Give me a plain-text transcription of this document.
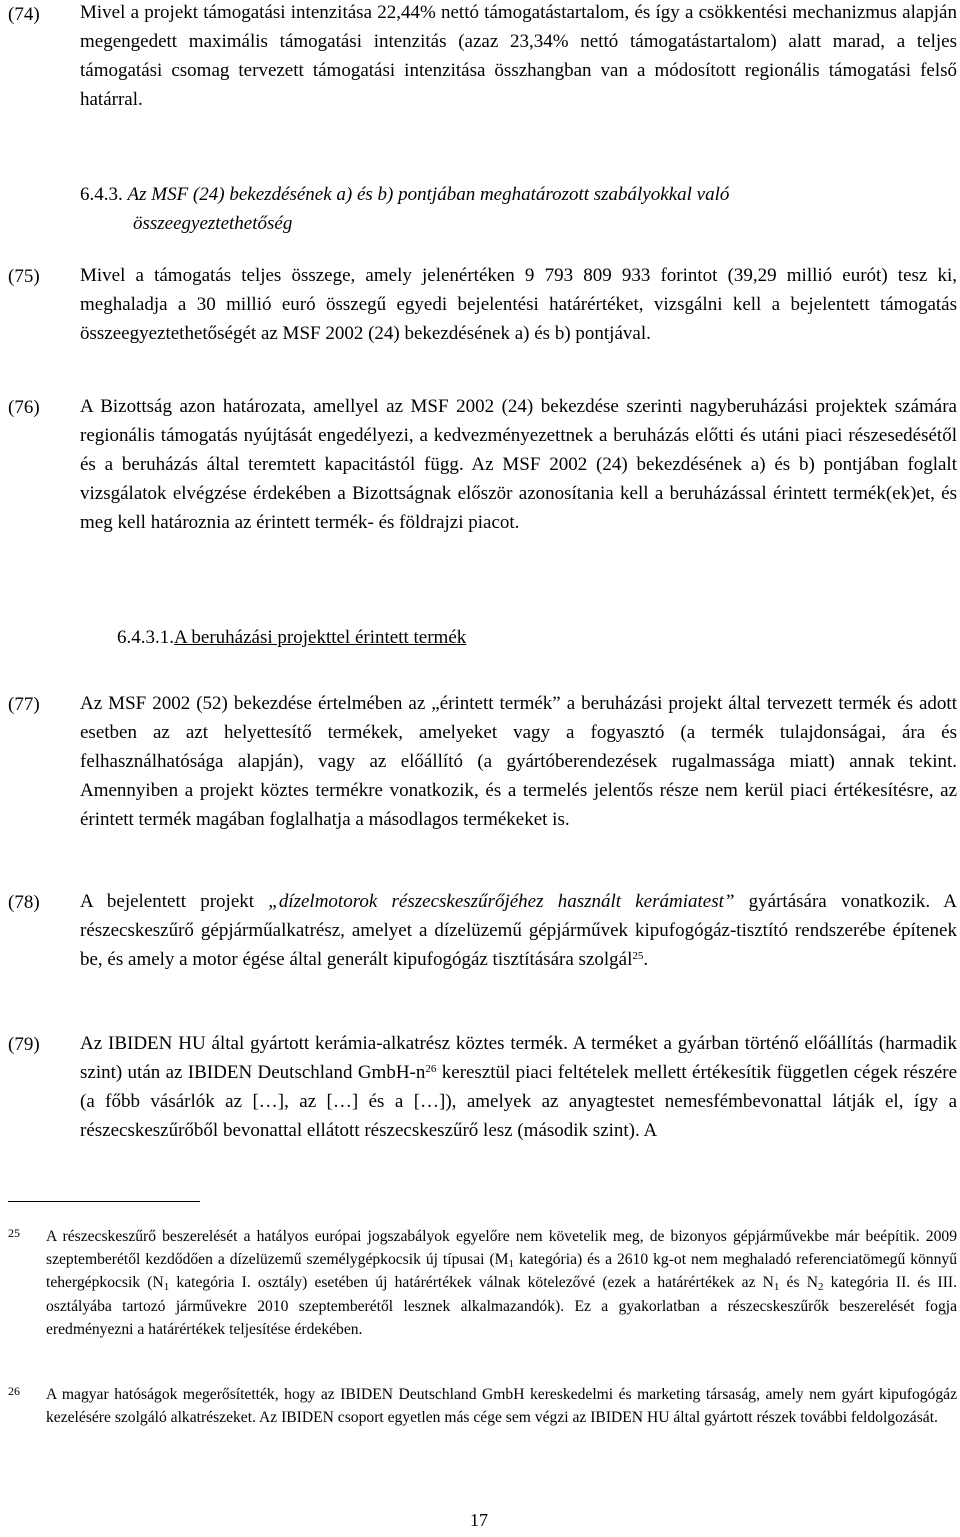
(74) Mivel a projekt támogatási intenzitása 22,44% nettó támogatástartalom, és így a csökkentési mechanizmus alapján megengedett maximális támogatási intenzitás (azaz 23,34% nettó támogatástartalom) alatt marad, a teljes támogatási csomag tervezett támogatási intenzitása összhangban van a módosított regionális támogatási felső határral.
6.4.3. Az MSF (24) bekezdésének a) és b) pontjában meghatározott szabályokkal való
összeegyeztethetőség
(75) Mivel a támogatás teljes összege, amely jelenértéken 9 793 809 933 forintot (39,29 millió eurót) tesz ki, meghaladja a 30 millió euró összegű egyedi bejelentési határértéket, vizsgálni kell a bejelentett támogatás összeegyeztethetőségét az MSF 2002 (24) bekezdésének a) és b) pontjával.
(76) A Bizottság azon határozata, amellyel az MSF 2002 (24) bekezdése szerinti nagyberuházási projektek számára regionális támogatás nyújtását engedélyezi, a kedvezményezettnek a beruházás előtti és utáni piaci részesedésétől és a beruházás által teremtett kapacitástól függ. Az MSF 2002 (24) bekezdésének a) és b) pontjában foglalt vizsgálatok elvégzése érdekében a Bizottságnak először azonosítania kell a beruházással érintett termék(ek)et, és meg kell határoznia az érintett termék- és földrajzi piacot.
6.4.3.1.A beruházási projekttel érintett termék
(77) Az MSF 2002 (52) bekezdése értelmében az „érintett termék” a beruházási projekt által tervezett termék és adott esetben az azt helyettesítő termékek, amelyeket vagy a fogyasztó (a termék tulajdonságai, ára és felhasználhatósága alapján), vagy az előállító (a gyártóberendezések rugalmassága miatt) annak tekint. Amennyiben a projekt köztes termékre vonatkozik, és a termelés jelentős része nem kerül piaci értékesítésre, az érintett termék magában foglalhatja a másodlagos termékeket is.
(78) A bejelentett projekt „dízelmotorok részecskeszűrőjéhez használt kerámiatest” gyártására vonatkozik. A részecskeszűrő gépjárműalkatrész, amelyet a dízelüzemű gépjárművek kipufogógáz-tisztító rendszerébe építenek be, és amely a motor égése által generált kipufogógáz tisztítására szolgál$^{25}$.
(79) Az IBIDEN HU által gyártott kerámia-alkatrész köztes termék. A terméket a gyárban történő előállítás (harmadik szint) után az IBIDEN Deutschland GmbH-$n^{26}$ keresztül piaci feltételek mellett értékesítik független cégek részére (a főbb vásárlók az […], az […] és a […]), amelyek az anyagtestet nemesfémbevonattal látják el, így a részecskeszűrőből bevonattal ellátott részecskeszűrő lesz (második szint). A
25 A részecskeszűrő beszerelését a hatályos európai jogszabályok egyelőre nem követelik meg, de bizonyos gépjárművekbe már beépítik. 2009 szeptemberétől kezdődően a dízelüzemű személygépkocsik új típusai ($M_1$ kategória) és a 2610 kg-ot nem meghaladó referenciatömegű könnyű tehergépkocsik ($N_1$ kategória I. osztály) esetében új határértékek válnak kötelezővé (ezek a határértékek az $N_1$ és $N_2$ kategória II. és III. osztályába tartozó járművekre 2010 szeptemberétől lesznek alkalmazandók). Ez a gyakorlatban a részecskeszűrők beszerelését fogja eredményezni a határértékek teljesítése érdekében.
26 A magyar hatóságok megerősítették, hogy az IBIDEN Deutschland GmbH kereskedelmi és marketing társaság, amely nem gyárt kipufogógáz kezelésére szolgáló alkatrészeket. Az IBIDEN csoport egyetlen más cége sem végzi az IBIDEN HU által gyártott részek további feldolgozását.
17
